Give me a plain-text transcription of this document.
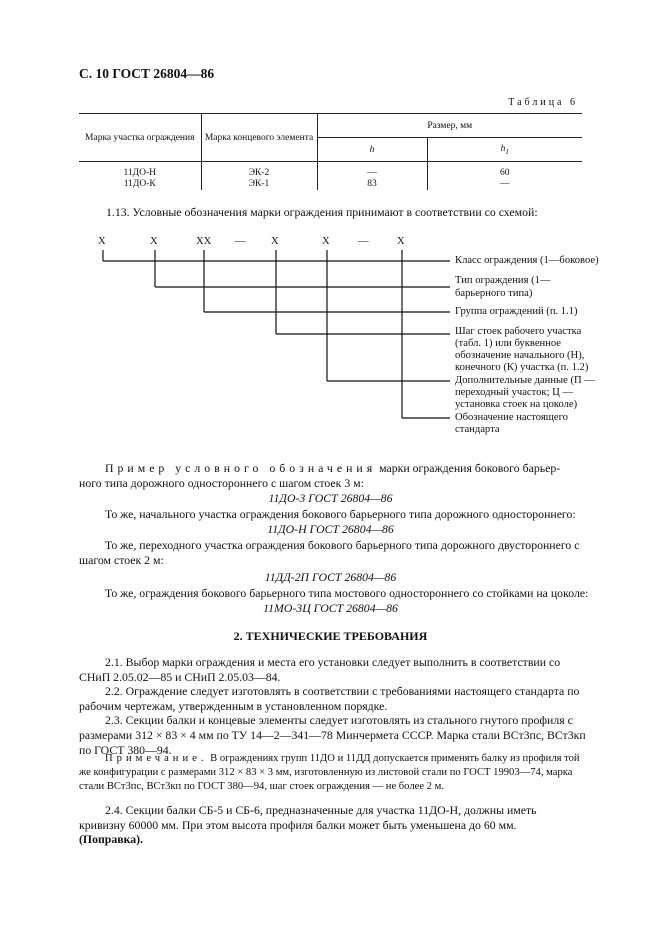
С. 10 ГОСТ 26804—86
Таблица 6
Марка участка ограждения	Марка концевого элемента	Размер, мм	
		h	$h_1$

11ДО-Н	ЭК-2	—	60
11ДО-К	ЭК-1	83	—
1.13. Условные обозначения марки ограждения принимают в соответствии со схемой:
Х	Х	ХХ — Х	Х	—	Х
Класс ограждения (1—боковое)
Тип ограждения (1—
барьерного типа)
Группа ограждений (п. 1.1)
Шаг стоек рабочего участка
(табл. 1) или буквенное
обозначение начального (Н),
конечного (К) участка (п. 1.2)
Дополнительные данные (П —
переходный участок; Ц —
установка стоек на цоколе)
Обозначение настоящего
стандарта
Пример условного обозначения марки ограждения бокового барьер-
ного типа дорожного одностороннего с шагом стоек 3 м:
11ДО-3 ГОСТ 26804—86
То же, начального участка ограждения бокового барьерного типа дорожного одностороннего:
11ДО-Н ГОСТ 26804—86
То же, переходного участка ограждения бокового барьерного типа дорожного двустороннего с
шагом стоек 2 м:
11ДД-2П ГОСТ 26804—86
То же, ограждения бокового барьерного типа мостового одностороннего со стойками на цоколе:
11МО-3Ц ГОСТ 26804—86
2. ТЕХНИЧЕСКИЕ ТРЕБОВАНИЯ
2.1. Выбор марки ограждения и места его установки следует выполнить в соответствии со
СНиП 2.05.02—85 и СНиП 2.05.03—84.
2.2. Ограждение следует изготовлять в соответствии с требованиями настоящего стандарта по
рабочим чертежам, утвержденным в установленном порядке.
2.3. Секции балки и концевые элементы следует изготовлять из стального гнутого профиля с
размерами 312 × 83 × 4 мм по ТУ 14—2—341—78 Минчермета СССР. Марка стали ВСт3пс, ВСт3кп
по ГОСТ 380—94.
Примечание. В ограждениях групп 11ДО и 11ДД допускается применять балку из профиля той
же конфигурации с размерами 312 × 83 × 3 мм, изготовленную из листовой стали по ГОСТ 19903—74, марка
стали ВСт3пс, ВСт3кп по ГОСТ 380—94, шаг стоек ограждения — не более 2 м.
2.4. Секции балки СБ-5 и СБ-6, предназначенные для участка 11ДО-Н, должны иметь
кривизну 60000 мм. При этом высота профиля балки может быть уменьшена до 60 мм.
(Поправка).
